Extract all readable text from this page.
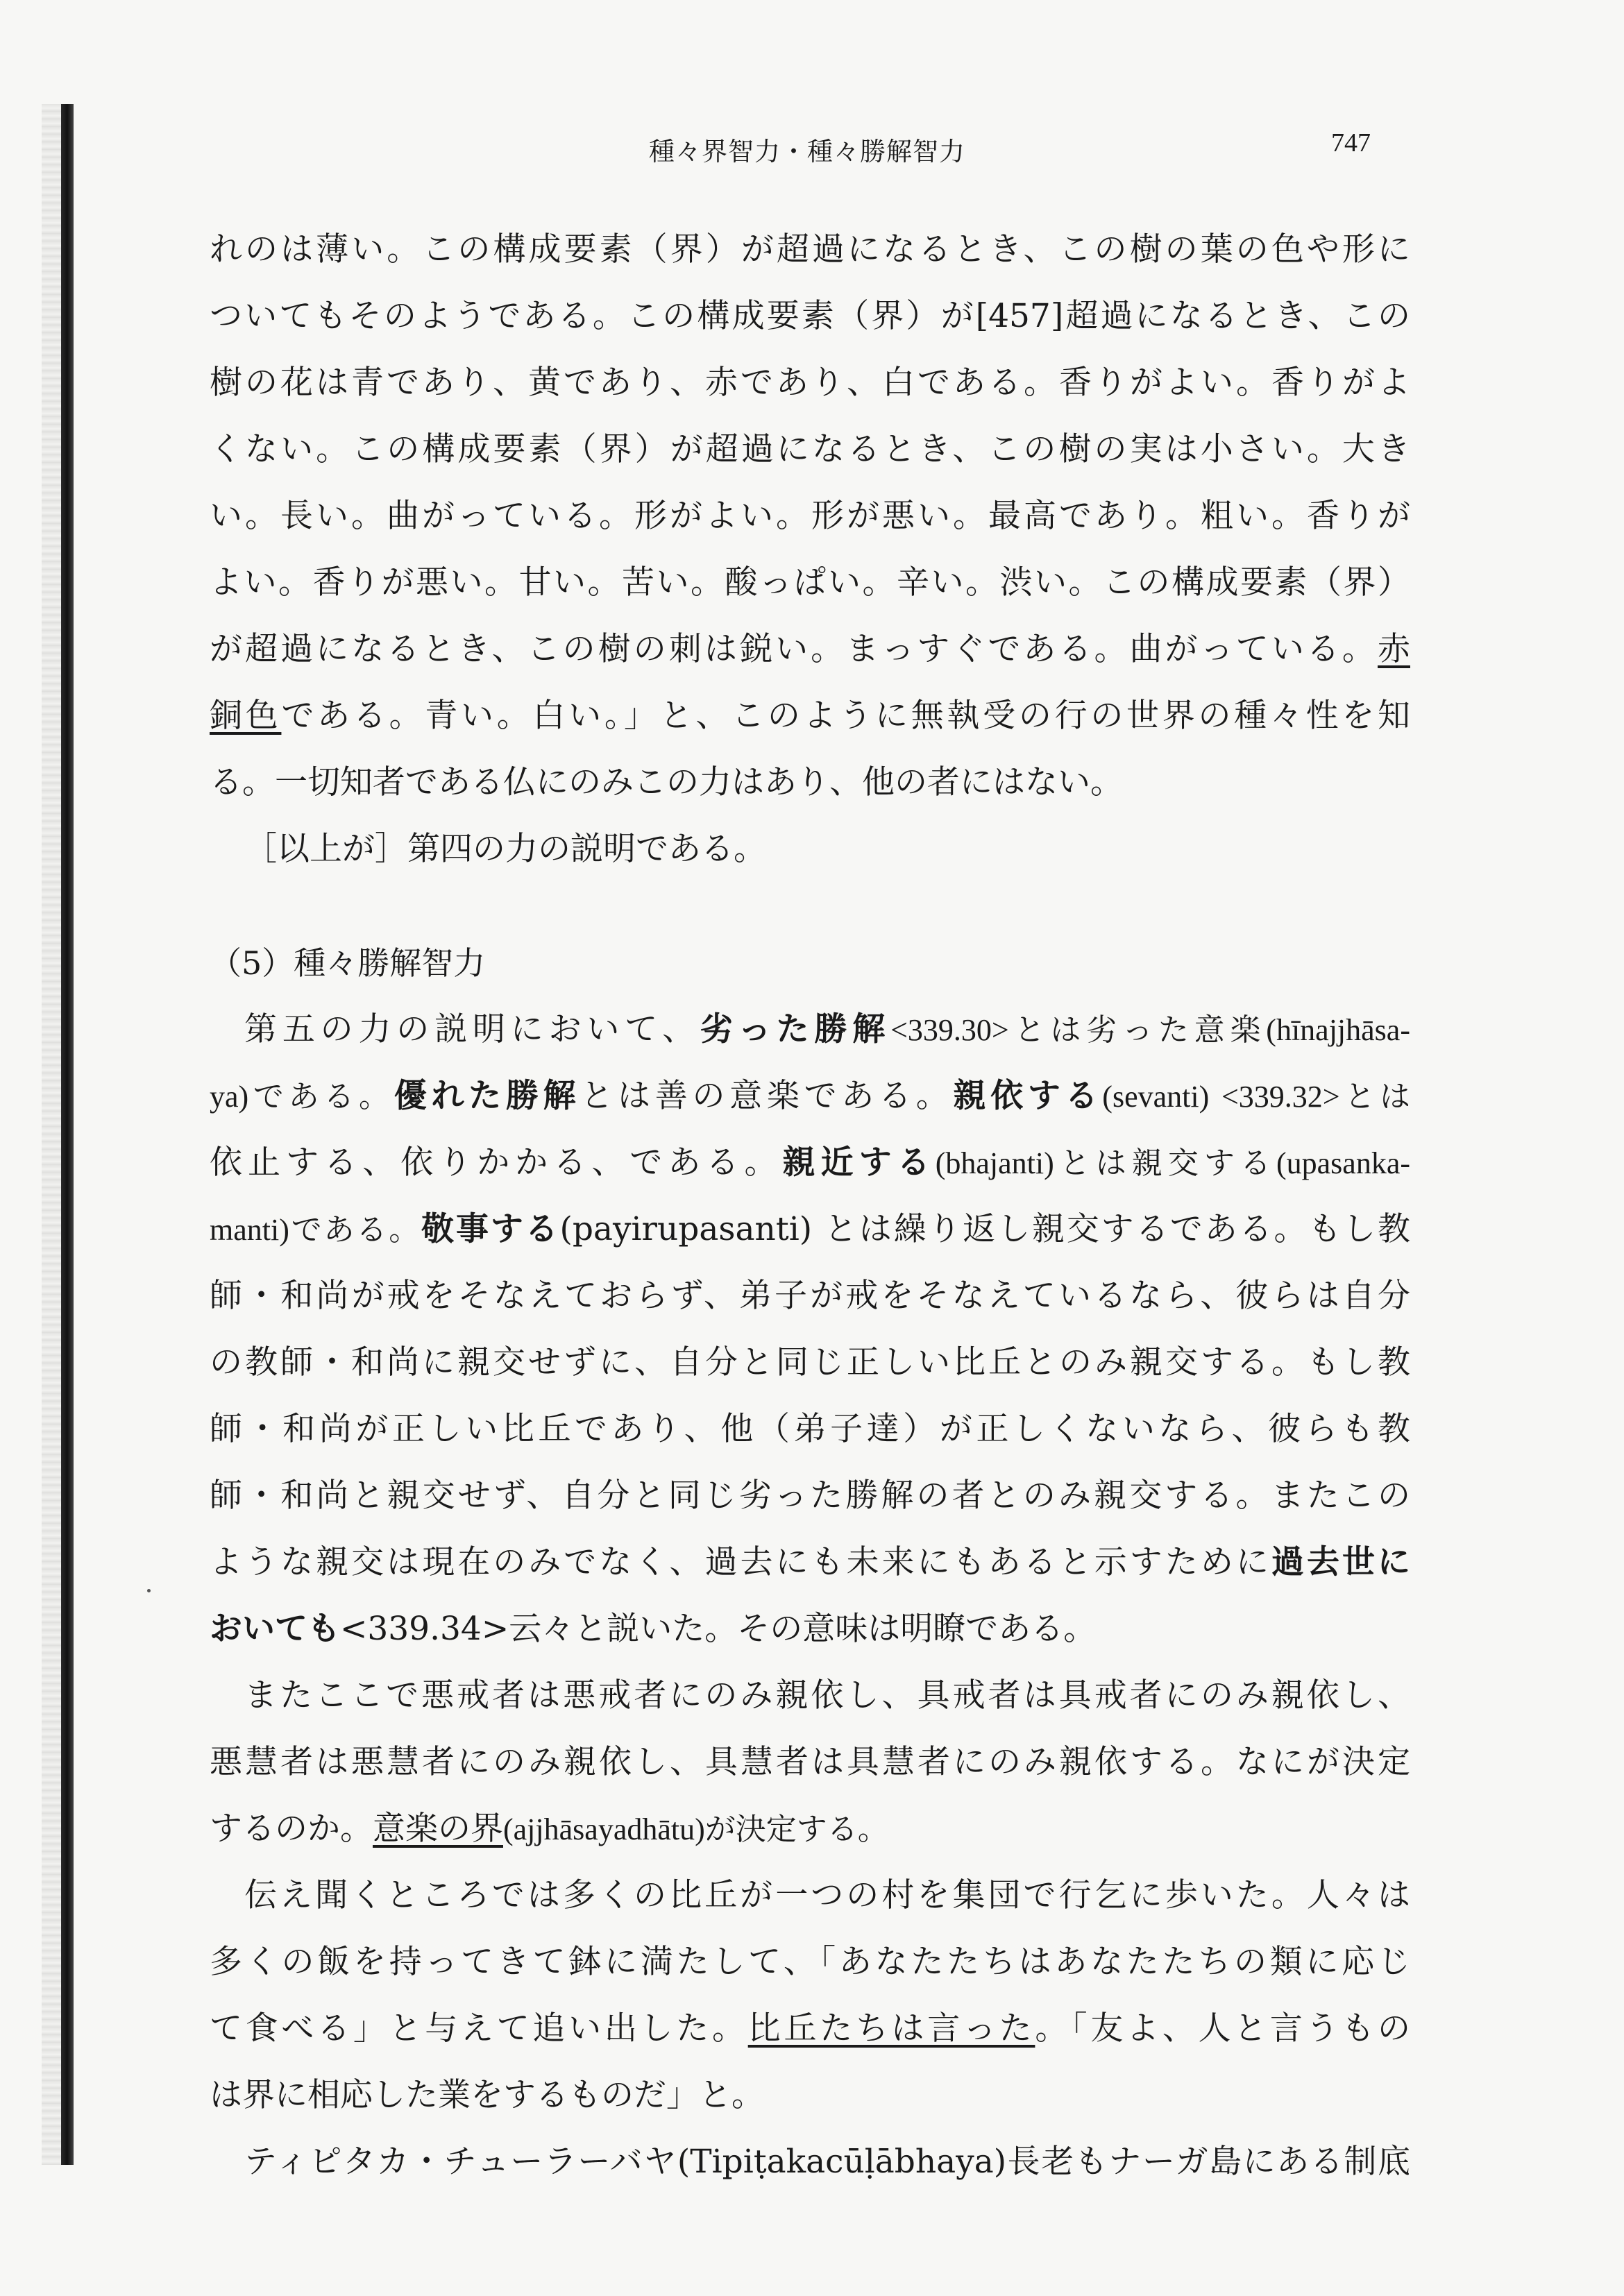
種々界智力・種々勝解智力	747
れのは薄い。この構成要素（界）が超過になるとき、この樹の葉の色や形に
ついてもそのようである。この構成要素（界）が[457]超過になるとき、この
樹の花は青であり、黄であり、赤であり、白である。香りがよい。香りがよ
くない。この構成要素（界）が超過になるとき、この樹の実は小さい。大き
い。長い。曲がっている。形がよい。形が悪い。最高であり。粗い。香りが
よい。香りが悪い。甘い。苦い。酸っぱい。辛い。渋い。この構成要素（界）
が超過になるとき、この樹の刺は鋭い。まっすぐである。曲がっている。赤
銅色である。青い。白い。」と、このように無執受の行の世界の種々性を知
る。一切知者である仏にのみこの力はあり、他の者にはない。
［以上が］第四の力の説明である。
（5）種々勝解智力
第五の力の説明において、劣った勝解<339.30>とは劣った意楽(hīnajjhāsa-
ya)である。優れた勝解とは善の意楽である。親依する(sevanti) <339.32>とは
依止する、依りかかる、である。親近する(bhajanti)とは親交する(upasanka-
manti)である。敬事する(payirupasanti) とは繰り返し親交するである。もし教
師・和尚が戒をそなえておらず、弟子が戒をそなえているなら、彼らは自分
の教師・和尚に親交せずに、自分と同じ正しい比丘とのみ親交する。もし教
師・和尚が正しい比丘であり、他（弟子達）が正しくないなら、彼らも教
師・和尚と親交せず、自分と同じ劣った勝解の者とのみ親交する。またこの
ような親交は現在のみでなく、過去にも未来にもあると示すために過去世に
おいても<339.34>云々と説いた。その意味は明瞭である。
またここで悪戒者は悪戒者にのみ親依し、具戒者は具戒者にのみ親依し、
悪慧者は悪慧者にのみ親依し、具慧者は具慧者にのみ親依する。なにが決定
するのか。意楽の界(ajjhāsayadhātu)が決定する。
伝え聞くところでは多くの比丘が一つの村を集団で行乞に歩いた。人々は
多くの飯を持ってきて鉢に満たして、「あなたたちはあなたたちの類に応じ
て食べる」と与えて追い出した。比丘たちは言った。「友よ、人と言うもの
は界に相応した業をするものだ」と。
ティピタカ・チューラーバヤ(Tipiṭakacūḷābhaya)長老もナーガ島にある制底
